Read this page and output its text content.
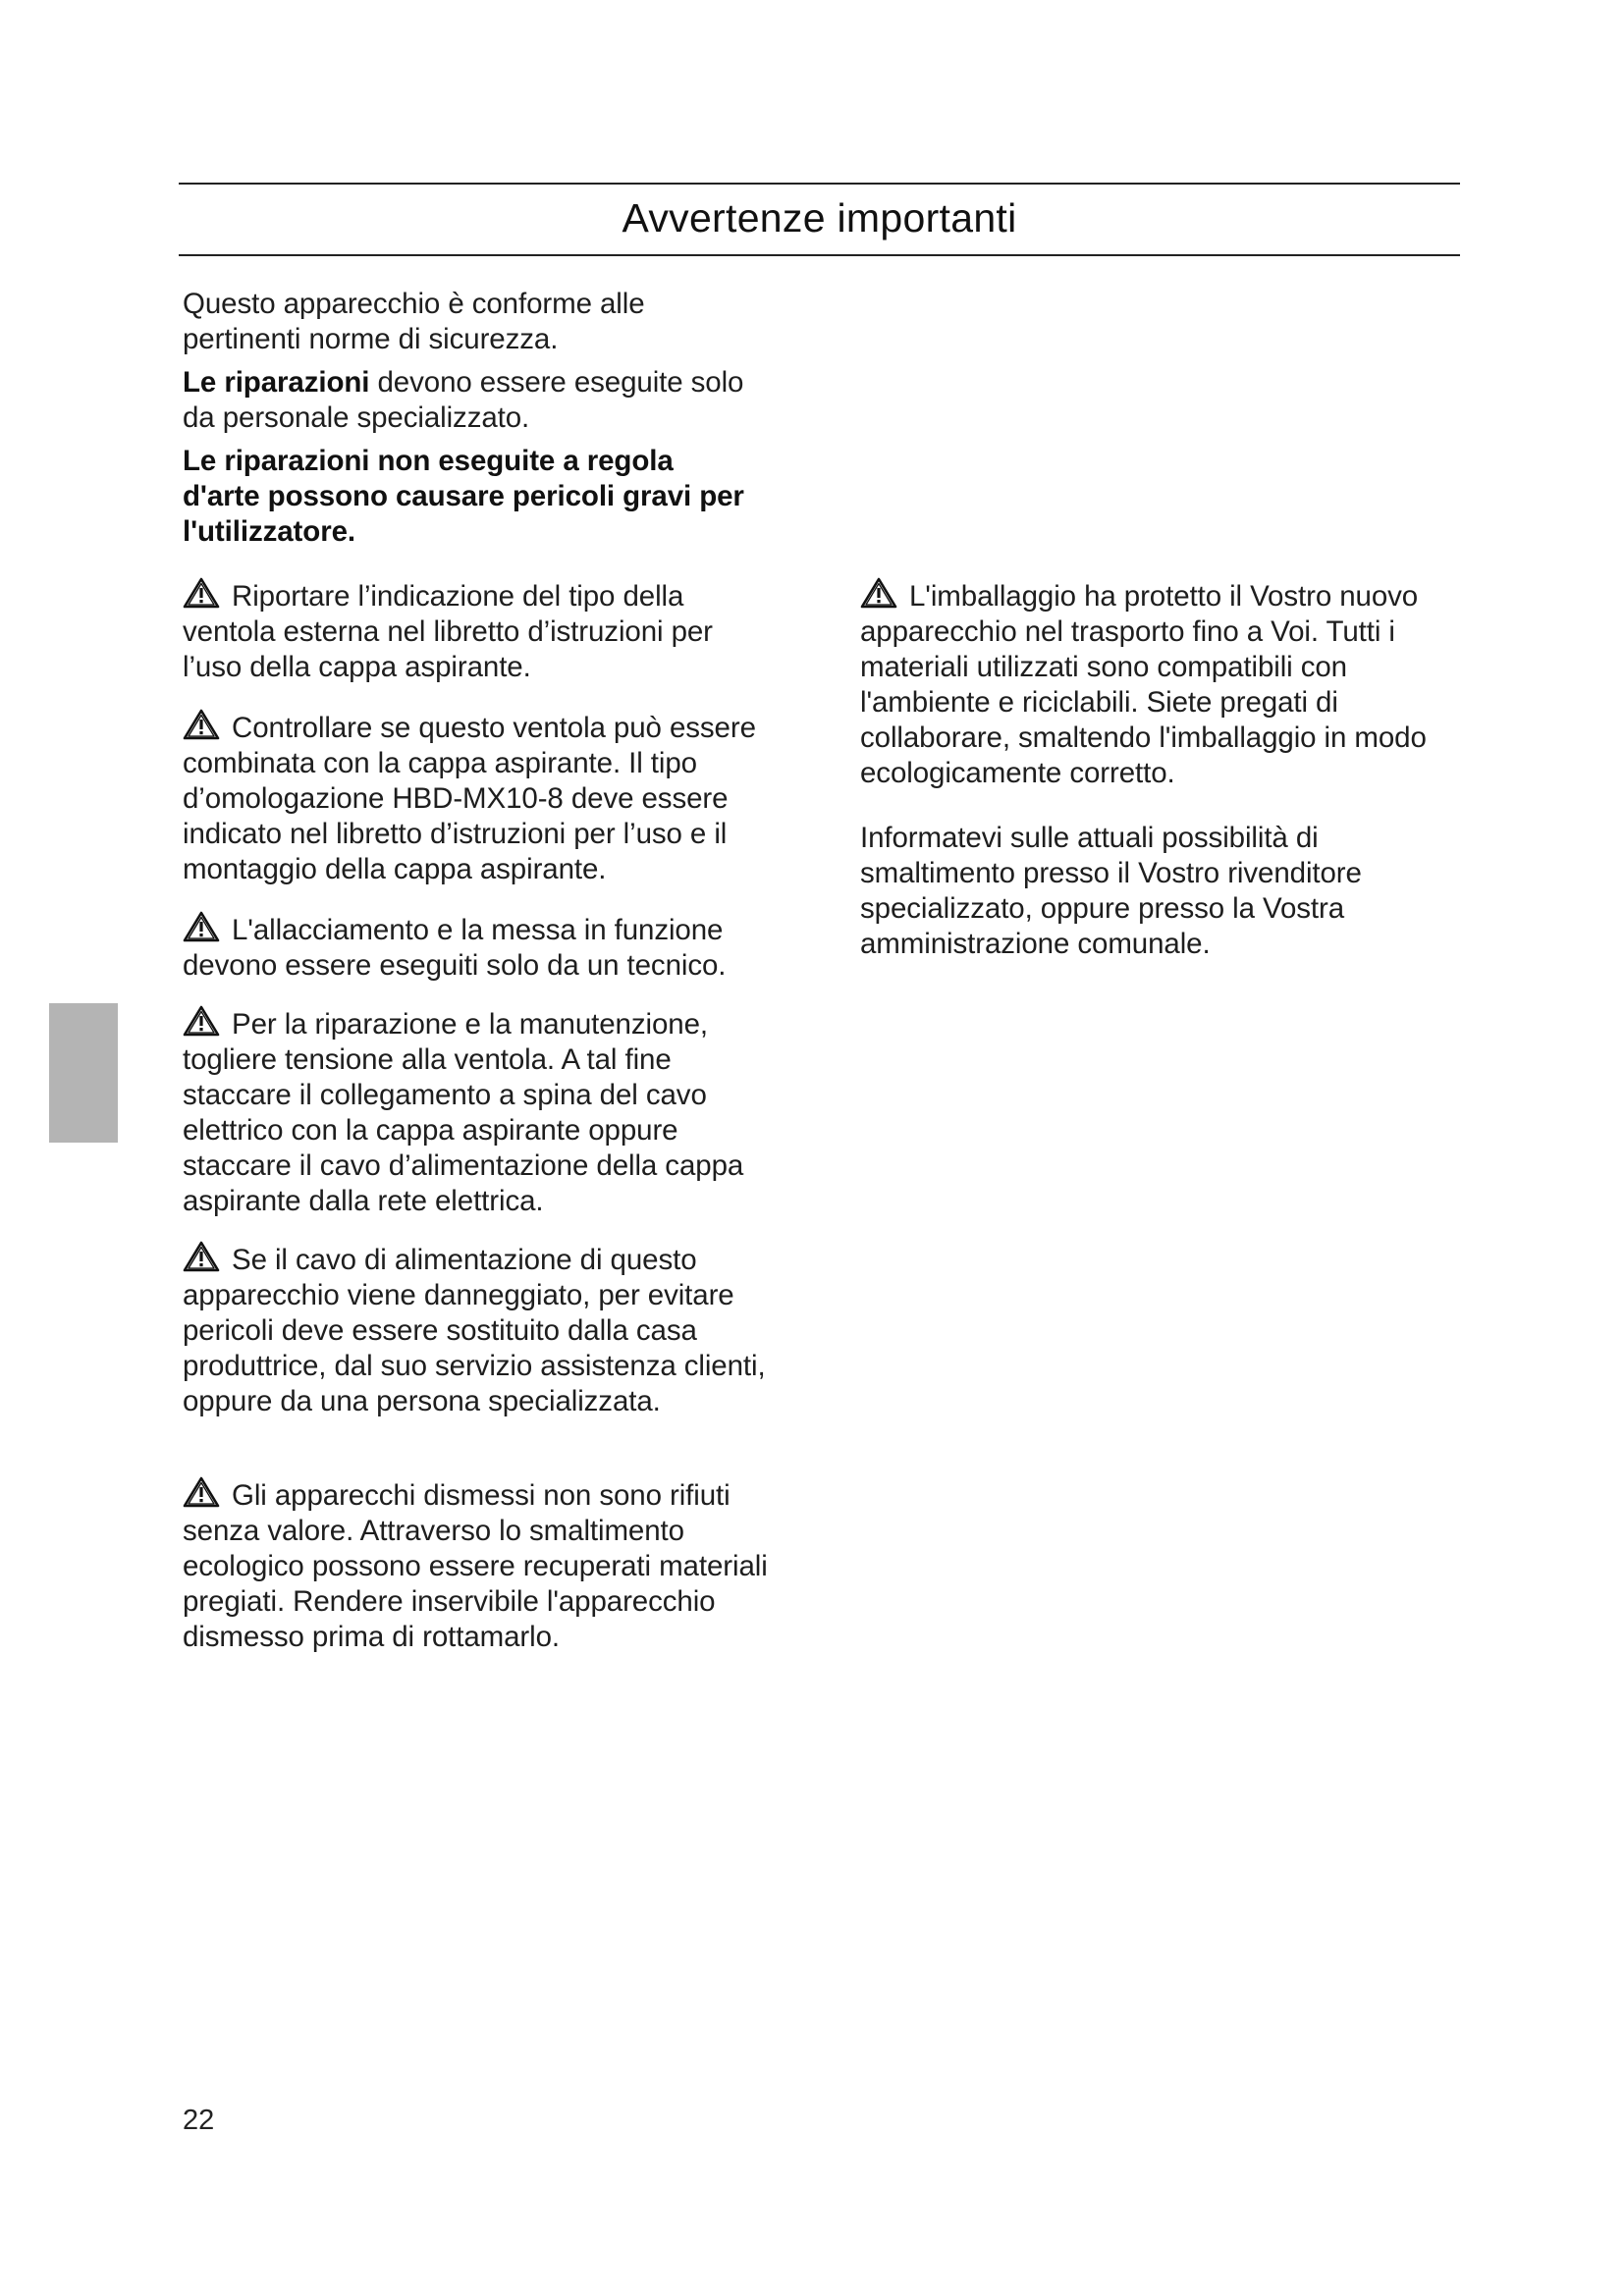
Avvertenze importanti

Questo apparecchio è conforme alle pertinenti norme di sicurezza.

Le riparazioni devono essere eseguite solo da personale specializzato.

Le riparazioni non eseguite a regola d'arte possono causare pericoli gravi per l'utilizzatore.

Riportare l’indicazione del tipo della ventola esterna nel libretto d’istruzioni per l’uso della cappa aspirante.

Controllare se questo ventola può essere combinata con la cappa aspirante. Il tipo d’omologazione HBD-MX10-8 deve essere indicato nel libretto d’istruzioni per l’uso e il montaggio della cappa aspirante.

L'allacciamento e la messa in funzione devono essere eseguiti solo da un tecnico.

Per la riparazione e la manutenzione, togliere tensione alla ventola. A tal fine staccare il collegamento a spina del cavo elettrico con la cappa aspirante oppure staccare il cavo d’alimentazione della cappa aspirante dalla rete elettrica.

Se il cavo di alimentazione di questo apparecchio viene danneggiato, per evitare pericoli deve essere sostituito dalla casa produttrice, dal suo servizio assistenza clienti, oppure da una persona specializzata.

Gli apparecchi dismessi non sono rifiuti senza valore. Attraverso lo smaltimento ecologico possono essere recuperati materiali pregiati. Rendere inservibile l'apparecchio dismesso prima di rottamarlo.

L'imballaggio ha protetto il Vostro nuovo apparecchio nel trasporto fino a Voi. Tutti i materiali utilizzati sono compatibili con l'ambiente e riciclabili. Siete pregati di collaborare, smaltendo l'imballaggio in modo ecologicamente corretto.

Informatevi sulle attuali possibilità di smaltimento presso il Vostro rivenditore specializzato, oppure presso la Vostra amministrazione comunale.

22
